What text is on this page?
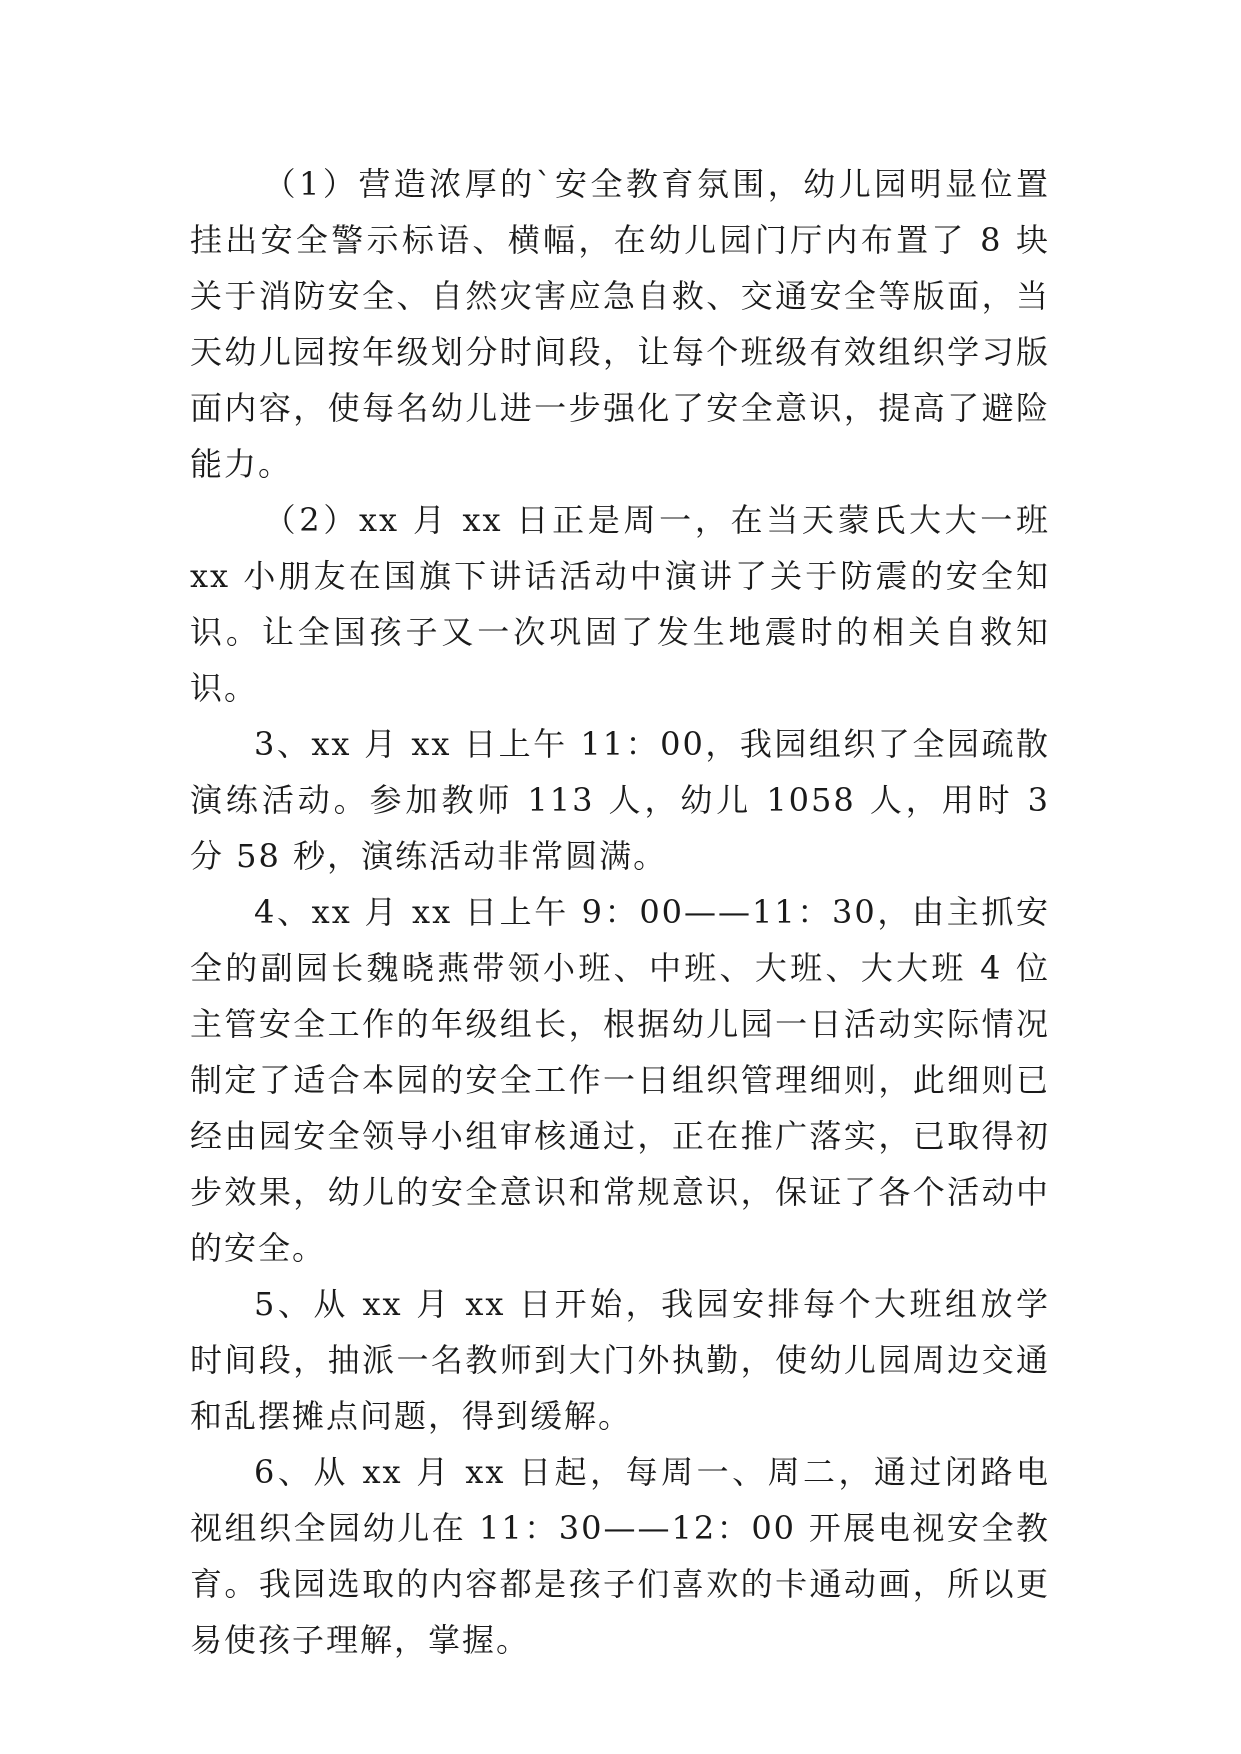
（1）营造浓厚的`安全教育氛围，幼儿园明显位置挂出安全警示标语、横幅，在幼儿园门厅内布置了 8 块关于消防安全、自然灾害应急自救、交通安全等版面，当天幼儿园按年级划分时间段，让每个班级有效组织学习版面内容，使每名幼儿进一步强化了安全意识，提高了避险能力。

（2）xx 月 xx 日正是周一，在当天蒙氏大大一班 xx 小朋友在国旗下讲话活动中演讲了关于防震的安全知识。让全国孩子又一次巩固了发生地震时的相关自救知识。

3、xx 月 xx 日上午 11：00，我园组织了全园疏散演练活动。参加教师 113 人，幼儿 1058 人，用时 3 分 58 秒，演练活动非常圆满。

4、xx 月 xx 日上午 9：00——11：30，由主抓安全的副园长魏晓燕带领小班、中班、大班、大大班 4 位主管安全工作的年级组长，根据幼儿园一日活动实际情况制定了适合本园的安全工作一日组织管理细则，此细则已经由园安全领导小组审核通过，正在推广落实，已取得初步效果，幼儿的安全意识和常规意识，保证了各个活动中的安全。

5、从 xx 月 xx 日开始，我园安排每个大班组放学时间段，抽派一名教师到大门外执勤，使幼儿园周边交通和乱摆摊点问题，得到缓解。

6、从 xx 月 xx 日起，每周一、周二，通过闭路电视组织全园幼儿在 11：30——12：00 开展电视安全教育。我园选取的内容都是孩子们喜欢的卡通动画，所以更易使孩子理解，掌握。
